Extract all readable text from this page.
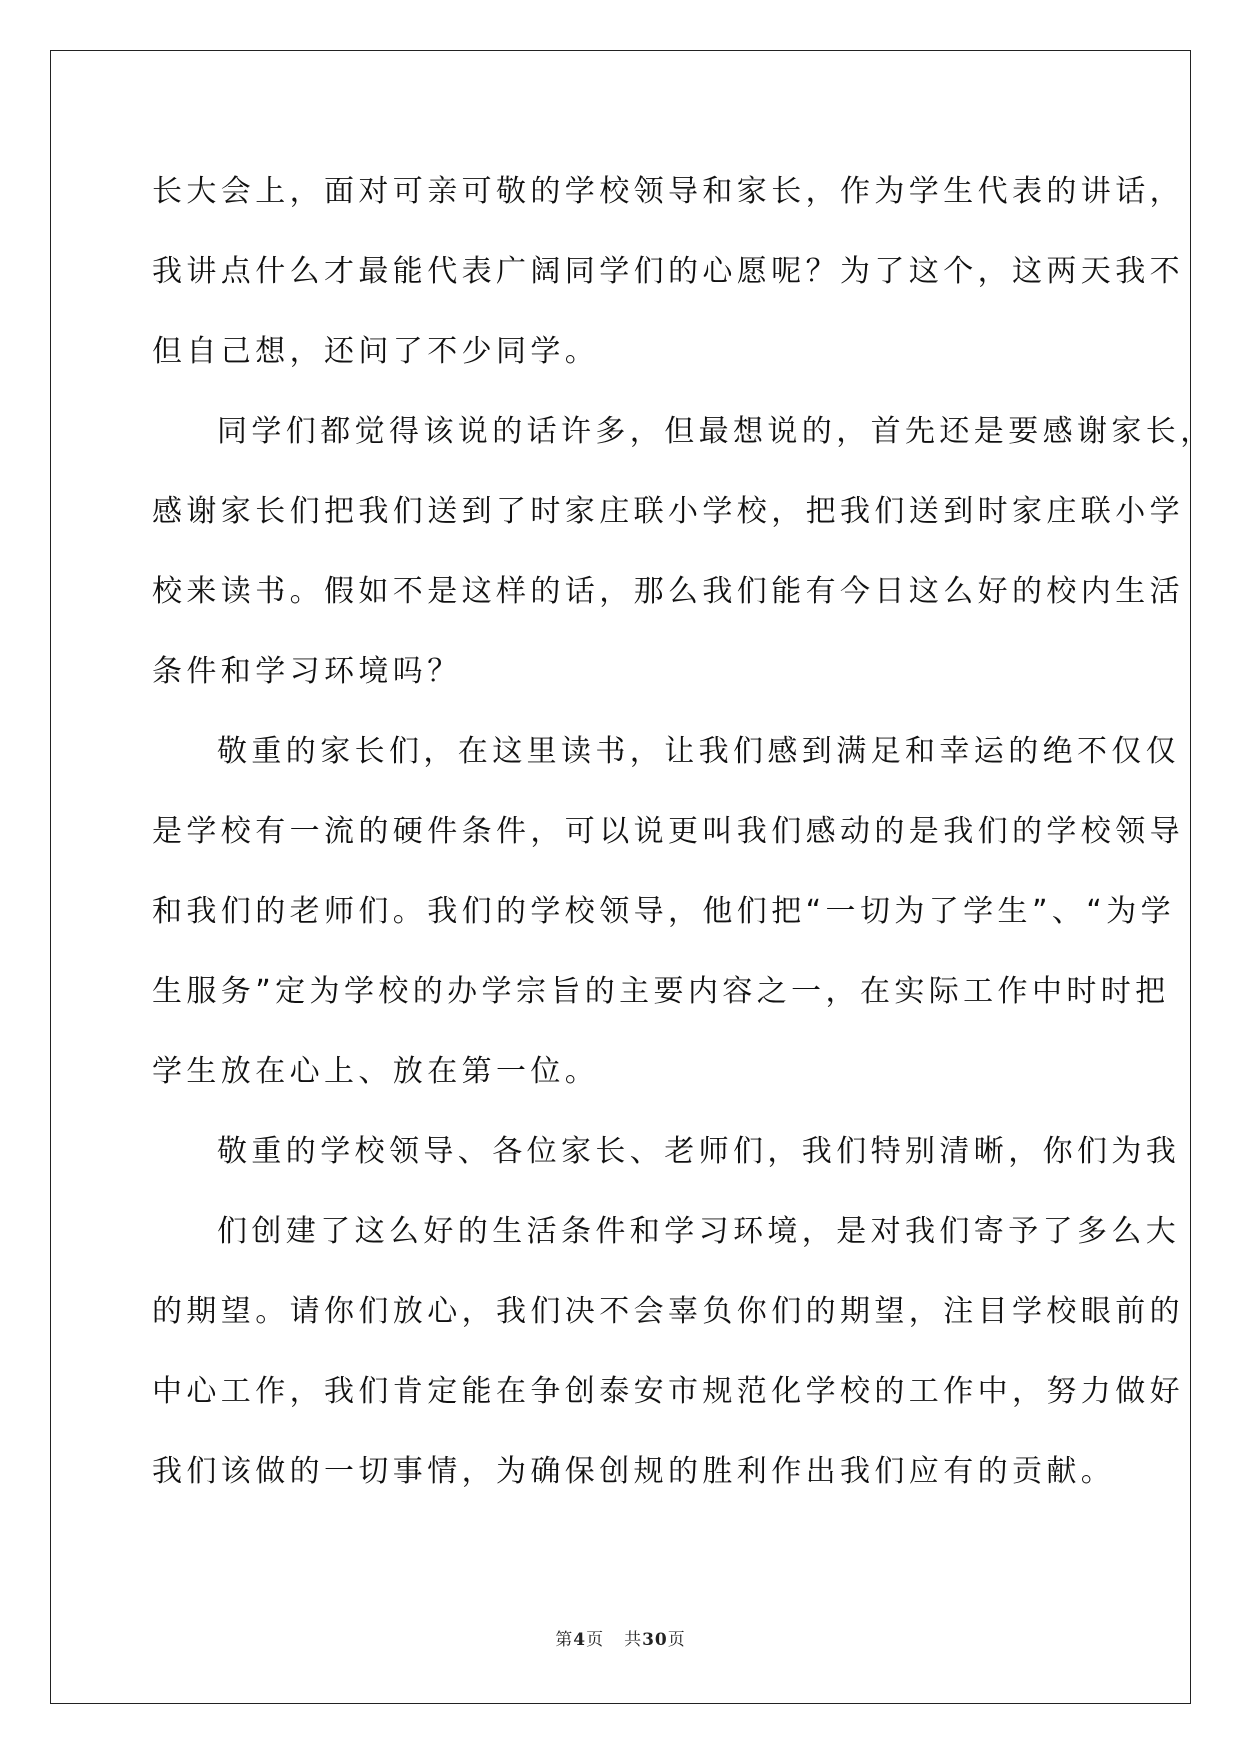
长大会上，面对可亲可敬的学校领导和家长，作为学生代表的讲话，
我讲点什么才最能代表广阔同学们的心愿呢？为了这个，这两天我不
但自己想，还问了不少同学。
同学们都觉得该说的话许多，但最想说的，首先还是要感谢家长，
感谢家长们把我们送到了时家庄联小学校，把我们送到时家庄联小学
校来读书。假如不是这样的话，那么我们能有今日这么好的校内生活
条件和学习环境吗？
敬重的家长们，在这里读书，让我们感到满足和幸运的绝不仅仅
是学校有一流的硬件条件，可以说更叫我们感动的是我们的学校领导
和我们的老师们。我们的学校领导，他们把“一切为了学生”、“为学
生服务”定为学校的办学宗旨的主要内容之一，在实际工作中时时把
学生放在心上、放在第一位。
敬重的学校领导、各位家长、老师们，我们特别清晰，你们为我
们创建了这么好的生活条件和学习环境，是对我们寄予了多么大
的期望。请你们放心，我们决不会辜负你们的期望，注目学校眼前的
中心工作，我们肯定能在争创泰安市规范化学校的工作中，努力做好
我们该做的一切事情，为确保创规的胜利作出我们应有的贡献。
第4页 共30页
